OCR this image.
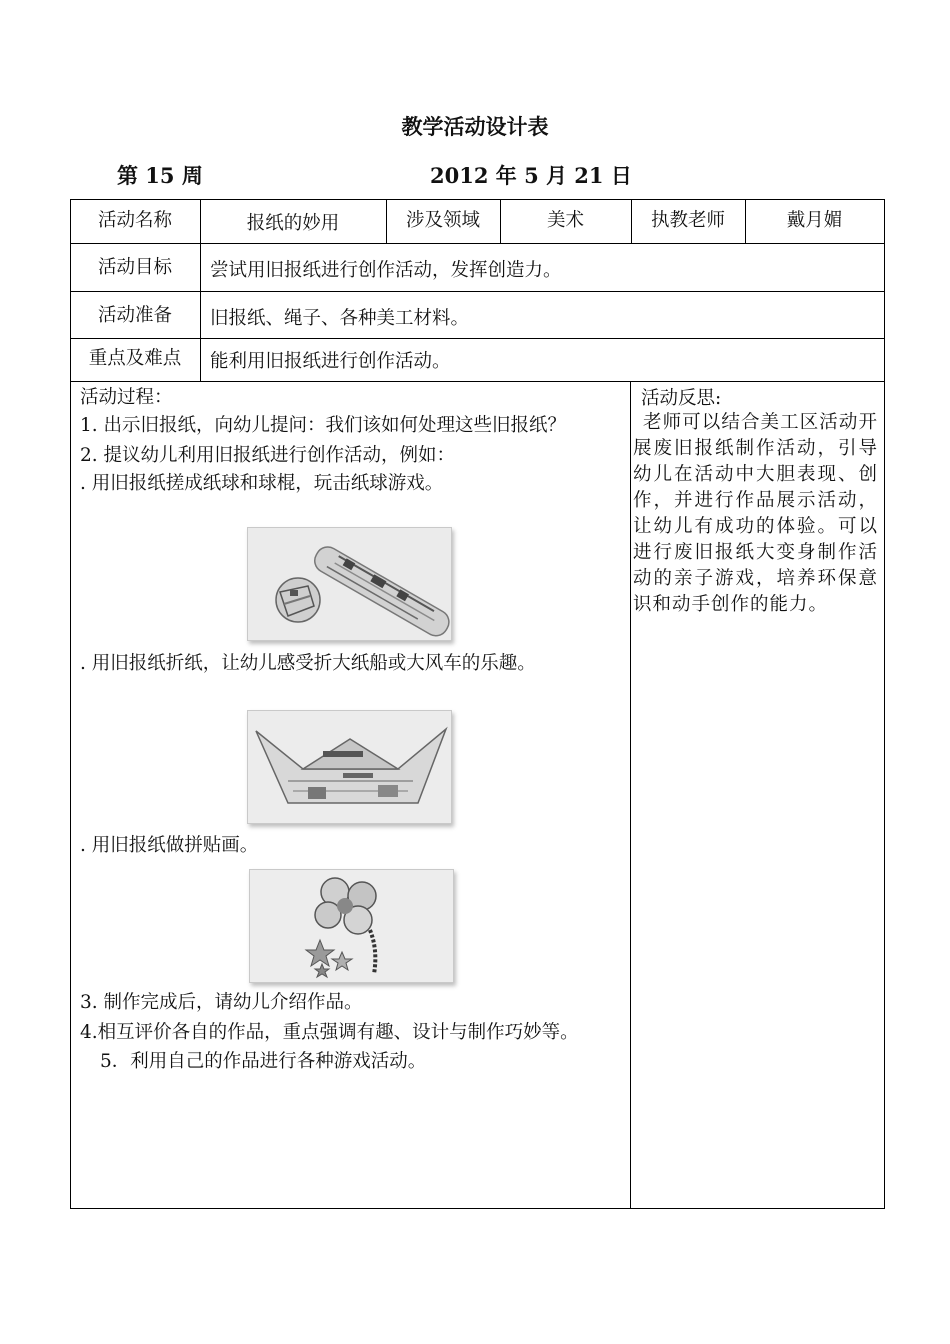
教学活动设计表
第 15 周	2012 年 5 月 21 日
活动名称	报纸的妙用	涉及领域	美术	执教老师	戴月媚
活动目标	尝试用旧报纸进行创作活动，发挥创造力。
活动准备	旧报纸、绳子、各种美工材料。
重点及难点	能利用旧报纸进行创作活动。
活动过程：
1. 出示旧报纸，向幼儿提问：我们该如何处理这些旧报纸？
2. 提议幼儿利用旧报纸进行创作活动，例如：
. 用旧报纸搓成纸球和球棍，玩击纸球游戏。
. 用旧报纸折纸，让幼儿感受折大纸船或大风车的乐趣。
. 用旧报纸做拼贴画。
3. 制作完成后，请幼儿介绍作品。
4.相互评价各自的作品，重点强调有趣、设计与制作巧妙等。
5．利用自己的作品进行各种游戏活动。
活动反思:
老师可以结合美工区活动开展废旧报纸制作活动，引导幼儿在活动中大胆表现、创作，并进行作品展示活动，让幼儿有成功的体验。可以进行废旧报纸大变身制作活动的亲子游戏，培养环保意识和动手创作的能力。
